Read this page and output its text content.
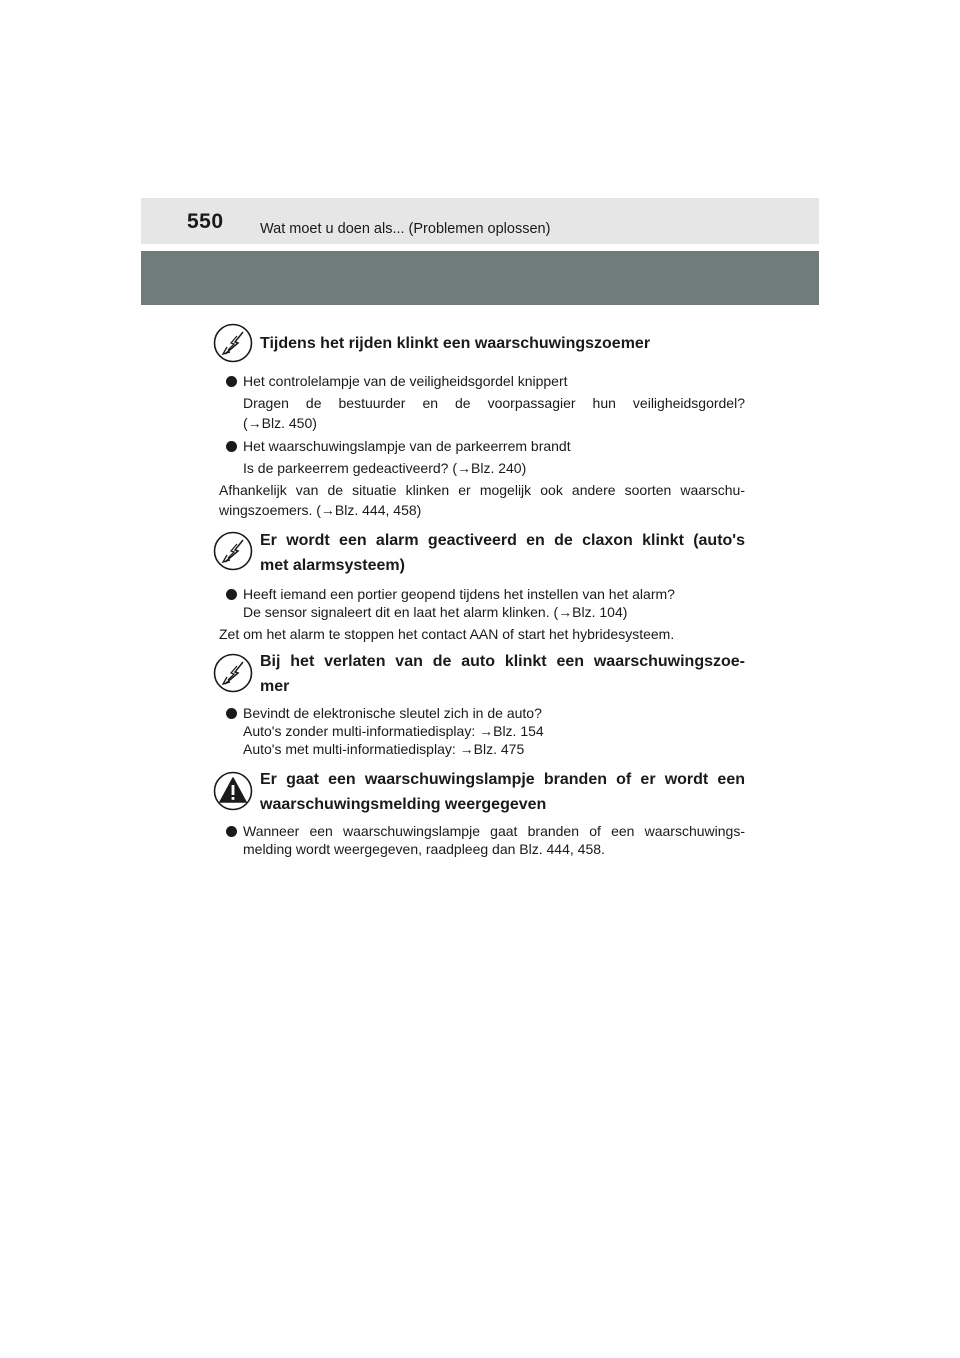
550	Wat moet u doen als... (Problemen oplossen)
Tijdens het rijden klinkt een waarschuwingszoemer
Het controlelampje van de veiligheidsgordel knippert
Dragen de bestuurder en de voorpassagier hun veiligheidsgordel?
(→Blz. 450)
Het waarschuwingslampje van de parkeerrem brandt
Is de parkeerrem gedeactiveerd? (→Blz. 240)
Afhankelijk van de situatie klinken er mogelijk ook andere soorten waarschu-
wingszoemers. (→Blz. 444, 458)
Er wordt een alarm geactiveerd en de claxon klinkt (auto's
met alarmsysteem)
Heeft iemand een portier geopend tijdens het instellen van het alarm?
De sensor signaleert dit en laat het alarm klinken. (→Blz. 104)
Zet om het alarm te stoppen het contact AAN of start het hybridesysteem.
Bij het verlaten van de auto klinkt een waarschuwingszoe-
mer
Bevindt de elektronische sleutel zich in de auto?
Auto's zonder multi-informatiedisplay: →Blz. 154
Auto's met multi-informatiedisplay: →Blz. 475
Er gaat een waarschuwingslampje branden of er wordt een
waarschuwingsmelding weergegeven
Wanneer een waarschuwingslampje gaat branden of een waarschuwings-
melding wordt weergegeven, raadpleeg dan Blz. 444, 458.
